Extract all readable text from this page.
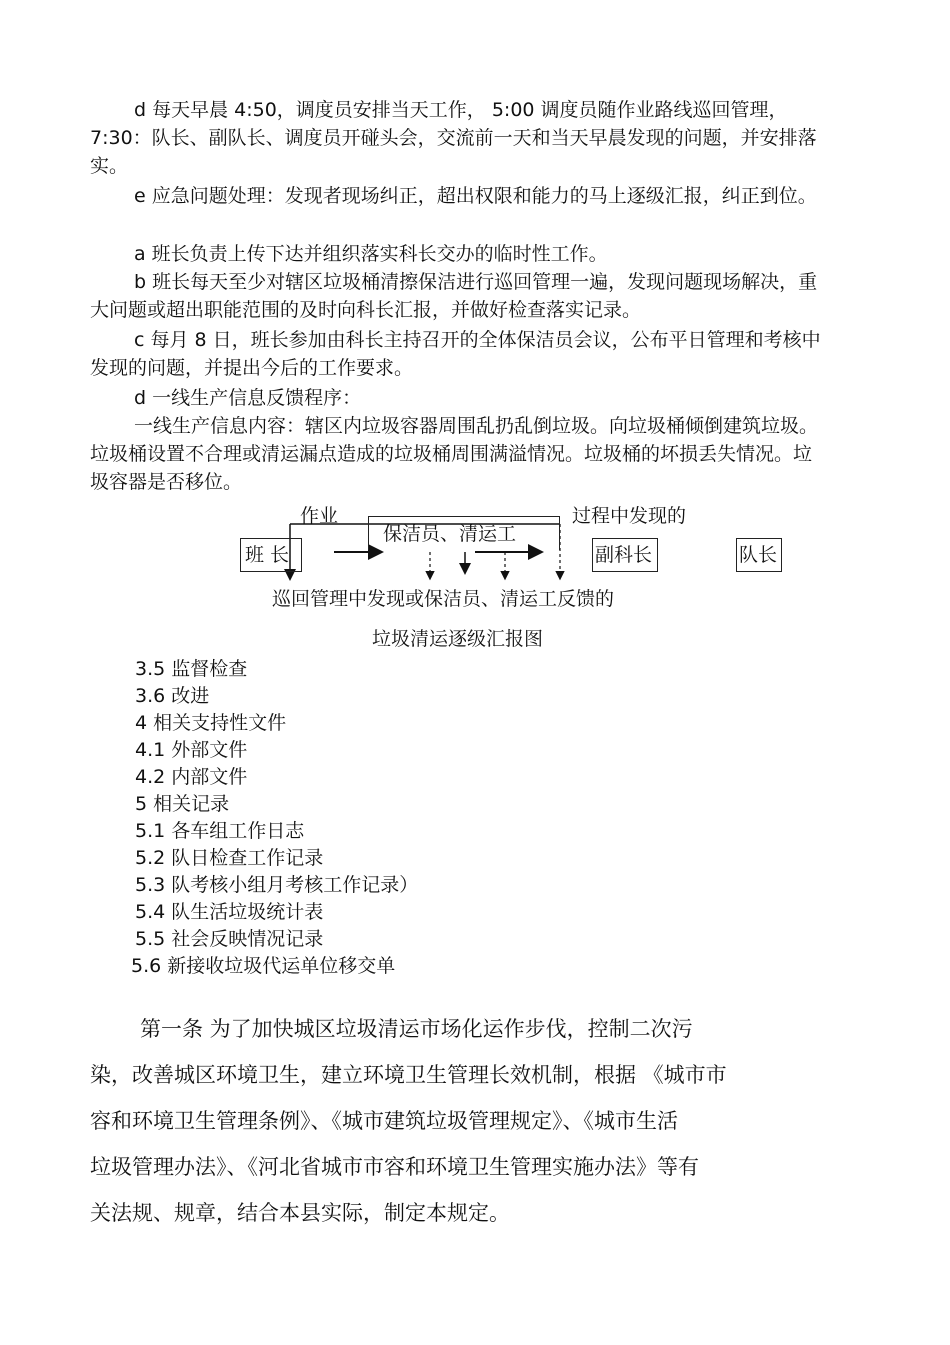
d 每天早晨 4:50，调度员安排当天工作， 5:00 调度员随作业路线巡回管理， 7:30：队长、副队长、调度员开碰头会，交流前一天和当天早晨发现的问题，并安排落实。

e 应急问题处理：发现者现场纠正，超出权限和能力的马上逐级汇报，纠正到位。

a 班长负责上传下达并组织落实科长交办的临时性工作。

b 班长每天至少对辖区垃圾桶清擦保洁进行巡回管理一遍，发现问题现场解决，重大问题或超出职能范围的及时向科长汇报，并做好检查落实记录。

c 每月 8 日，班长参加由科长主持召开的全体保洁员会议，公布平日管理和考核中发现的问题，并提出今后的工作要求。

d 一线生产信息反馈程序：

一线生产信息内容：辖区内垃圾容器周围乱扔乱倒垃圾。向垃圾桶倾倒建筑垃圾。垃圾桶设置不合理或清运漏点造成的垃圾桶周围满溢情况。垃圾桶的坏损丢失情况。垃圾容器是否移位。

作业	过程中发现的
班 长
保洁员、清运工
副科长	队长
巡回管理中发现或保洁员、清运工反馈的
垃圾清运逐级汇报图
3.5 监督检查
3.6 改进
4 相关支持性文件
4.1 外部文件
4.2 内部文件
5 相关记录
5.1 各车组工作日志
5.2 队日检查工作记录
5.3 队考核小组月考核工作记录）
5.4 队生活垃圾统计表
5.5 社会反映情况记录
5.6 新接收垃圾代运单位移交单
第一条 为了加快城区垃圾清运市场化运作步伐，控制二次污
染，改善城区环境卫生，建立环境卫生管理长效机制，根据 《城市市
容和环境卫生管理条例》、《城市建筑垃圾管理规定》、《城市生活
垃圾管理办法》、《河北省城市市容和环境卫生管理实施办法》等有
关法规、规章，结合本县实际，制定本规定。
